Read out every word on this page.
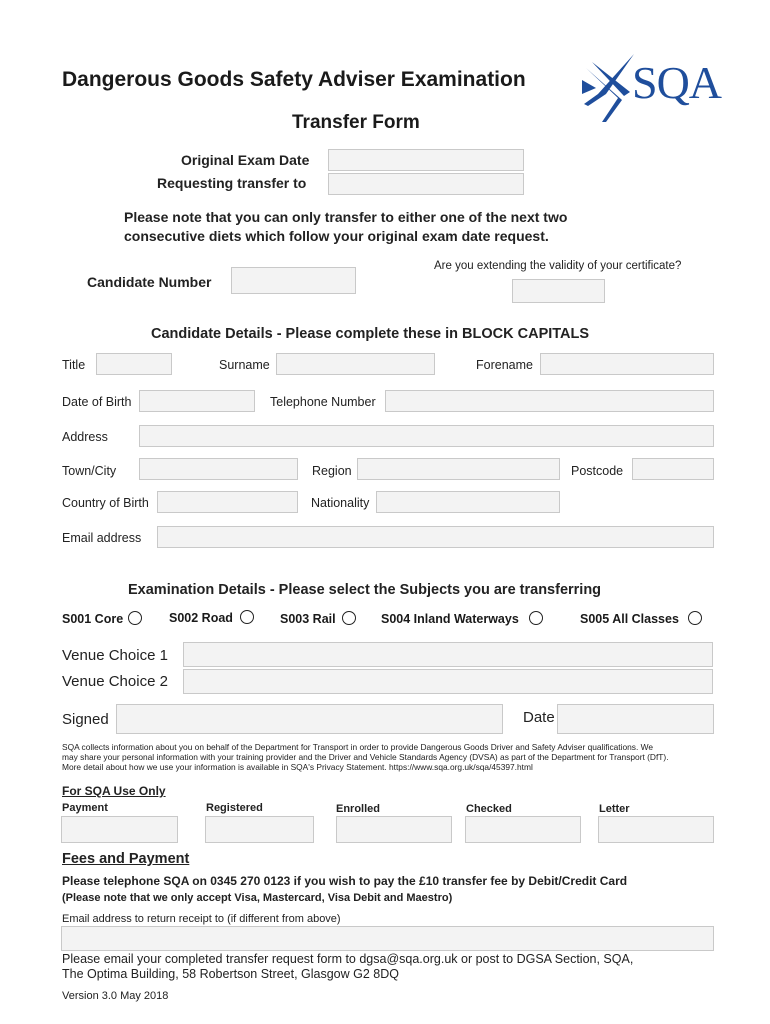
Dangerous Goods Safety Adviser Examination SQA
Transfer Form
Original Exam Date
Requesting transfer to
Please note that you can only transfer to either one of the next two
consecutive diets which follow your original exam date request.
Candidate Number
Are you extending the validity of your certificate?
Candidate Details - Please complete these in BLOCK CAPITALS
Title	Surname	Forename
Date of Birth	Telephone Number
Address
Town/City	Region	Postcode
Country of Birth	Nationality
Email address
Examination Details - Please select the Subjects you are transferring
S001 Core	S002 Road	S003 Rail	S004 Inland Waterways	S005 All Classes
Venue Choice 1
Venue Choice 2
Signed	Date
SQA collects information about you on behalf of the Department for Transport in order to provide Dangerous Goods Driver and Safety Adviser qualifications. We
may share your personal information with your training provider and the Driver and Vehicle Standards Agency (DVSA) as part of the Department for Transport (DfT).
More detail about how we use your information is available in SQA's Privacy Statement. https://www.sqa.org.uk/sqa/45397.html
For SQA Use Only
Payment	Registered	Enrolled	Checked	Letter
Fees and Payment
Please telephone SQA on 0345 270 0123 if you wish to pay the £10 transfer fee by Debit/Credit Card
(Please note that we only accept Visa, Mastercard, Visa Debit and Maestro)
Email address to return receipt to (if different from above)
Please email your completed transfer request form to dgsa@sqa.org.uk or post to DGSA Section, SQA,
The Optima Building, 58 Robertson Street, Glasgow G2 8DQ
Version 3.0 May 2018
